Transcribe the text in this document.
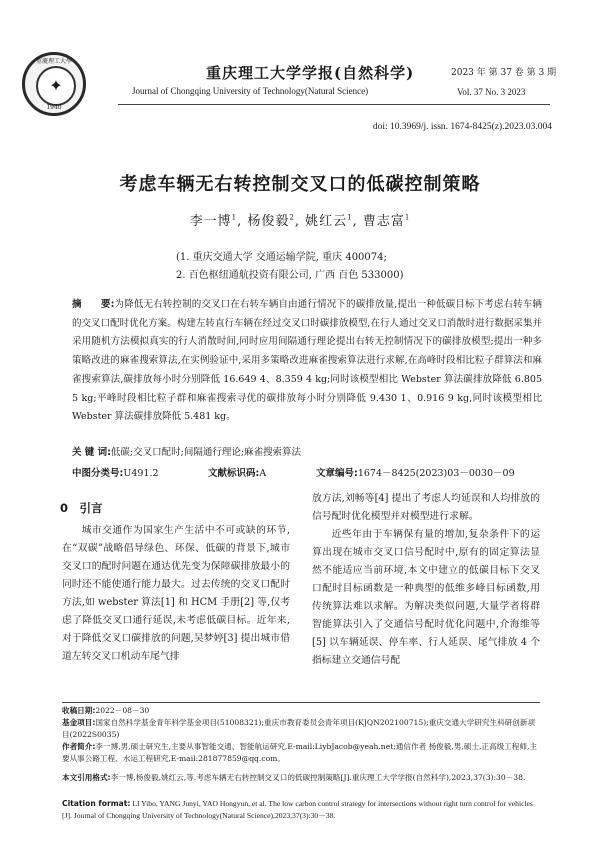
重慶理工大學
✦
1940
重庆理工大学学报(自然科学)
Journal of Chongqing University of Technology(Natural Science)
2023 年 第 37 卷 第 3 期
Vol. 37 No. 3 2023
doi: 10.3969/j. issn. 1674-8425(z).2023.03.004
考虑车辆无右转控制交叉口的低碳控制策略
李一博$^1$, 杨俊毅$^2$, 姚红云$^1$, 曹志富$^1$
(1. 重庆交通大学 交通运输学院, 重庆 400074;
2. 百色枢纽通航投资有限公司, 广西 百色 533000)
摘　　要:为降低无右转控制的交叉口在右转车辆自由通行情况下的碳排放量,提出一种低碳目标下考虑右转车辆的交叉口配时优化方案。构建左转直行车辆在经过交叉口时碳排放模型,在行人通过交叉口消散时进行数据采集并采用随机方法模拟真实的行人消散时间,同时应用间隔通行理论提出右转无控制情况下的碳排放模型;提出一种多策略改进的麻雀搜索算法,在实例验证中,采用多策略改进麻雀搜索算法进行求解,在高峰时段相比粒子群算法和麻雀搜索算法,碳排放每小时分别降低 16.649 4、8.359 4 kg;同时该模型相比 Webster 算法碳排放降低 6.805 5 kg;平峰时段相比粒子群和麻雀搜索寻优的碳排放每小时分别降低 9.430 1、0.916 9 kg,同时该模型相比 Webster 算法碳排放降低 5.481 kg。
关 键 词:低碳;交叉口配时;间隔通行理论;麻雀搜索算法
中图分类号:U491.2	文献标识码:A	文章编号:1674－8425(2023)03－0030－09
0　引言

城市交通作为国家生产生活中不可或缺的环节,在“双碳”战略倡导绿色、环保、低碳的背景下,城市交叉口的配时问题在通达优先变为保障碳排放最小的同时还不能使通行能力最大。过去传统的交叉口配时方法,如 webster 算法[1] 和 HCM 手册[2] 等,仅考虑了降低交叉口通行延误,未考虑低碳目标。近年来,对于降低交叉口碳排放的问题,吴梦婷[3] 提出城市借道左转交叉口机动车尾气排

放方法,刘畅等[4] 提出了考虑人均延误和人均排放的信号配时优化模型并对模型进行求解。

近些年由于车辆保有量的增加,复杂条件下的运算出现在城市交叉口信号配时中,原有的固定算法显然不能适应当前环境,本文中建立的低碳目标下交叉口配时目标函数是一种典型的低维多峰目标函数,用传统算法难以求解。为解决类似问题,大量学者将群智能算法引入了交通信号配时优化问题中,介海维等[5] 以车辆延误、停车率、行人延误、尾气排放 4 个指标建立交通信号配

收稿日期:2022－08－30
基金项目:国家自然科学基金青年科学基金项目(51008321);重庆市教育委员会青年项目(KJQN202100715);重庆交通大学研究生科研创新项目(2022S0035)
作者简介:李一博,男,硕士研究生,主要从事智能交通、智能航运研究,E-mail:LiybJacob@yeah.net;通信作者 杨俊毅,男,硕士,正高级工程师,主要从事公路工程、水运工程研究,E-mail:281877859@qq.com。
本文引用格式:李一博,杨俊毅,姚红云,等.考虑车辆无右转控制交叉口的低碳控制策略[J].重庆理工大学学报(自然科学),2023,37(3):30－38.
Citation format: LI Yibo, YANG Junyi, YAO Hongyun, et al. The low carbon control strategy for intersections without right turn control for vehicles [J]. Journal of Chongqing University of Technology(Natural Science),2023,37(3):30－38.
